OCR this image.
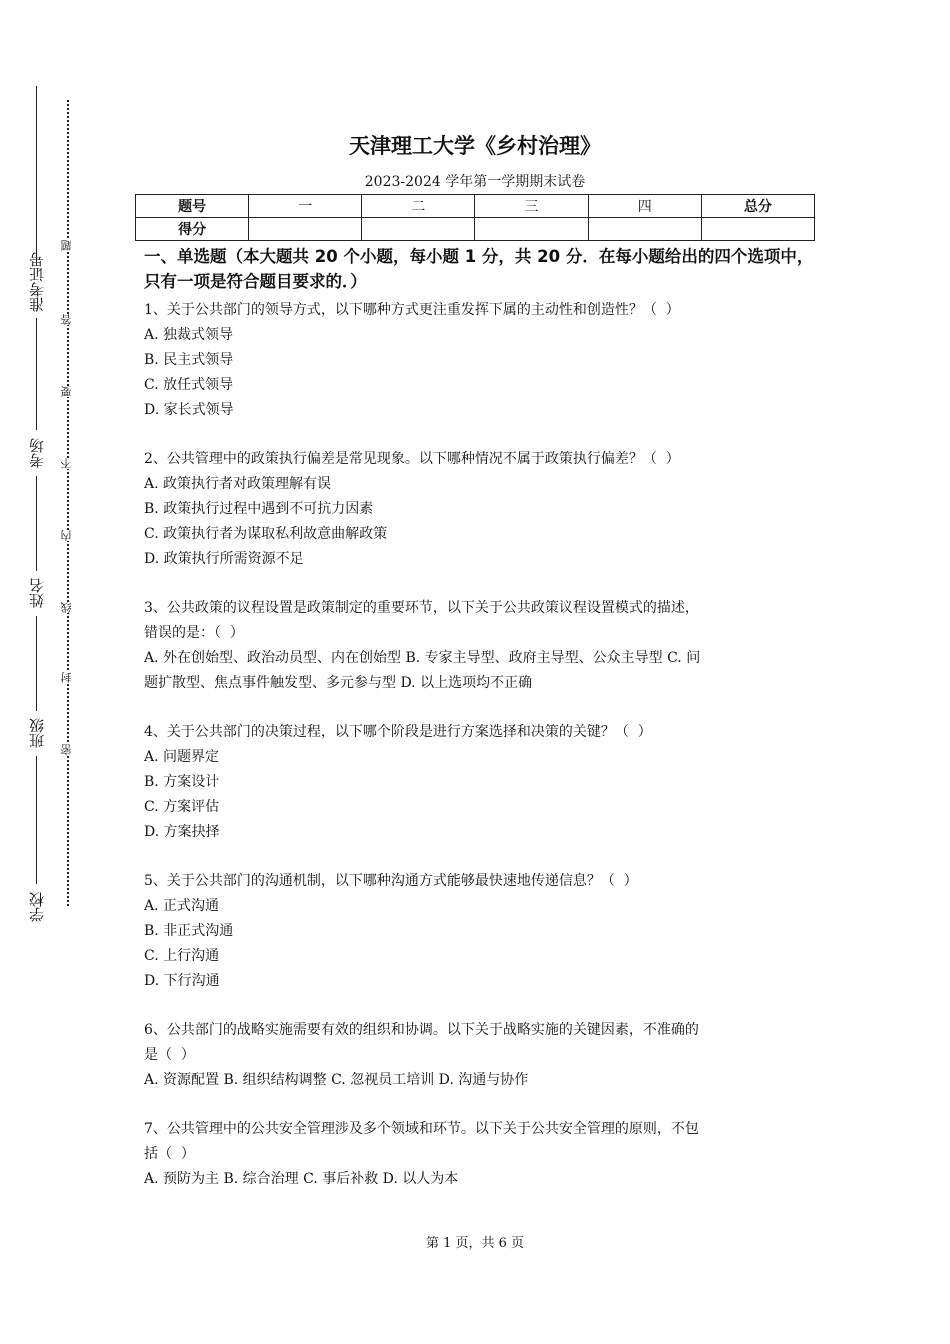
准考证号
考场
姓名
班级
学校
题
答
要
不
内
线
封
密
天津理工大学《乡村治理》
2023-2024 学年第一学期期末试卷
题号	一	二	三	四	总分
得分					
一、单选题（本大题共 20 个小题，每小题 1 分，共 20 分．在每小题给出的四个选项中，只有一项是符合题目要求的．）
1、关于公共部门的领导方式，以下哪种方式更注重发挥下属的主动性和创造性？（  ）
A. 独裁式领导
B. 民主式领导
C. 放任式领导
D. 家长式领导
2、公共管理中的政策执行偏差是常见现象。以下哪种情况不属于政策执行偏差？（  ）
A. 政策执行者对政策理解有误
B. 政策执行过程中遇到不可抗力因素
C. 政策执行者为谋取私利故意曲解政策
D. 政策执行所需资源不足
3、公共政策的议程设置是政策制定的重要环节，以下关于公共政策议程设置模式的描述，
错误的是：（  ）
A. 外在创始型、政治动员型、内在创始型 B. 专家主导型、政府主导型、公众主导型 C. 问
题扩散型、焦点事件触发型、多元参与型 D. 以上选项均不正确
4、关于公共部门的决策过程，以下哪个阶段是进行方案选择和决策的关键？（  ）
A. 问题界定
B. 方案设计
C. 方案评估
D. 方案抉择
5、关于公共部门的沟通机制，以下哪种沟通方式能够最快速地传递信息？（  ）
A. 正式沟通
B. 非正式沟通
C. 上行沟通
D. 下行沟通
6、公共部门的战略实施需要有效的组织和协调。以下关于战略实施的关键因素，不准确的
是（  ）
A. 资源配置 B. 组织结构调整 C. 忽视员工培训 D. 沟通与协作
7、公共管理中的公共安全管理涉及多个领域和环节。以下关于公共安全管理的原则，不包
括（  ）
A. 预防为主 B. 综合治理 C. 事后补救 D. 以人为本
第 1 页，共 6 页
